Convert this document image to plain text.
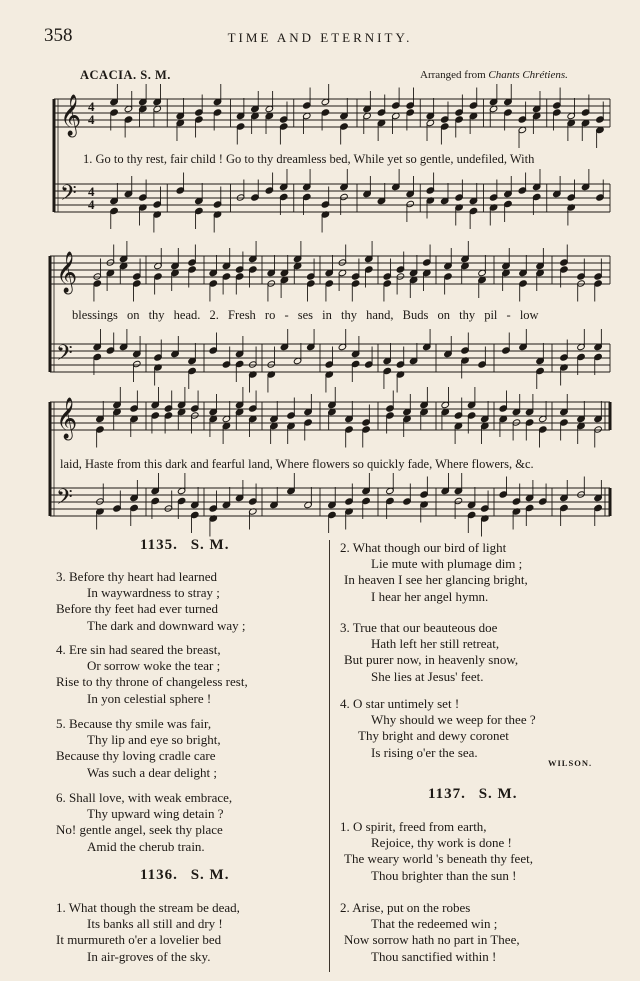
358	TIME AND ETERNITY.
ACACIA. S. M.	Arranged from Chants Chrétiens.
𝄞
𝄢
4
4
4
4
𝄞
𝄢
𝄞
𝄢
1. Go to thy rest, fair child ! Go to thy dreamless bed, While yet so gentle, undefiled, With
blessings on thy head. 2. Fresh ro - ses in thy hand, Buds on thy pil - low
laid, Haste from this dark and fearful land, Where flowers so quickly fade, Where flowers, &c.
1135. S. M.
3. Before thy heart had learned
In waywardness to stray ;
Before thy feet had ever turned
The dark and downward way ;
4. Ere sin had seared the breast,
Or sorrow woke the tear ;
Rise to thy throne of changeless rest,
In yon celestial sphere !
5. Because thy smile was fair,
Thy lip and eye so bright,
Because thy loving cradle care
Was such a dear delight ;
6. Shall love, with weak embrace,
Thy upward wing detain ?
No! gentle angel, seek thy place
Amid the cherub train.
1136. S. M.
1. What though the stream be dead,
Its banks all still and dry !
It murmureth o'er a lovelier bed
In air-groves of the sky.
2. What though our bird of light
Lie mute with plumage dim ;
In heaven I see her glancing bright,
I hear her angel hymn.
3. True that our beauteous doe
Hath left her still retreat,
But purer now, in heavenly snow,
She lies at Jesus' feet.
4. O star untimely set !
Why should we weep for thee ?
Thy bright and dewy coronet
Is rising o'er the sea.
WILSON.
1137. S. M.
1. O spirit, freed from earth,
Rejoice, thy work is done !
The weary world 's beneath thy feet,
Thou brighter than the sun !
2. Arise, put on the robes
That the redeemed win ;
Now sorrow hath no part in Thee,
Thou sanctified within !
